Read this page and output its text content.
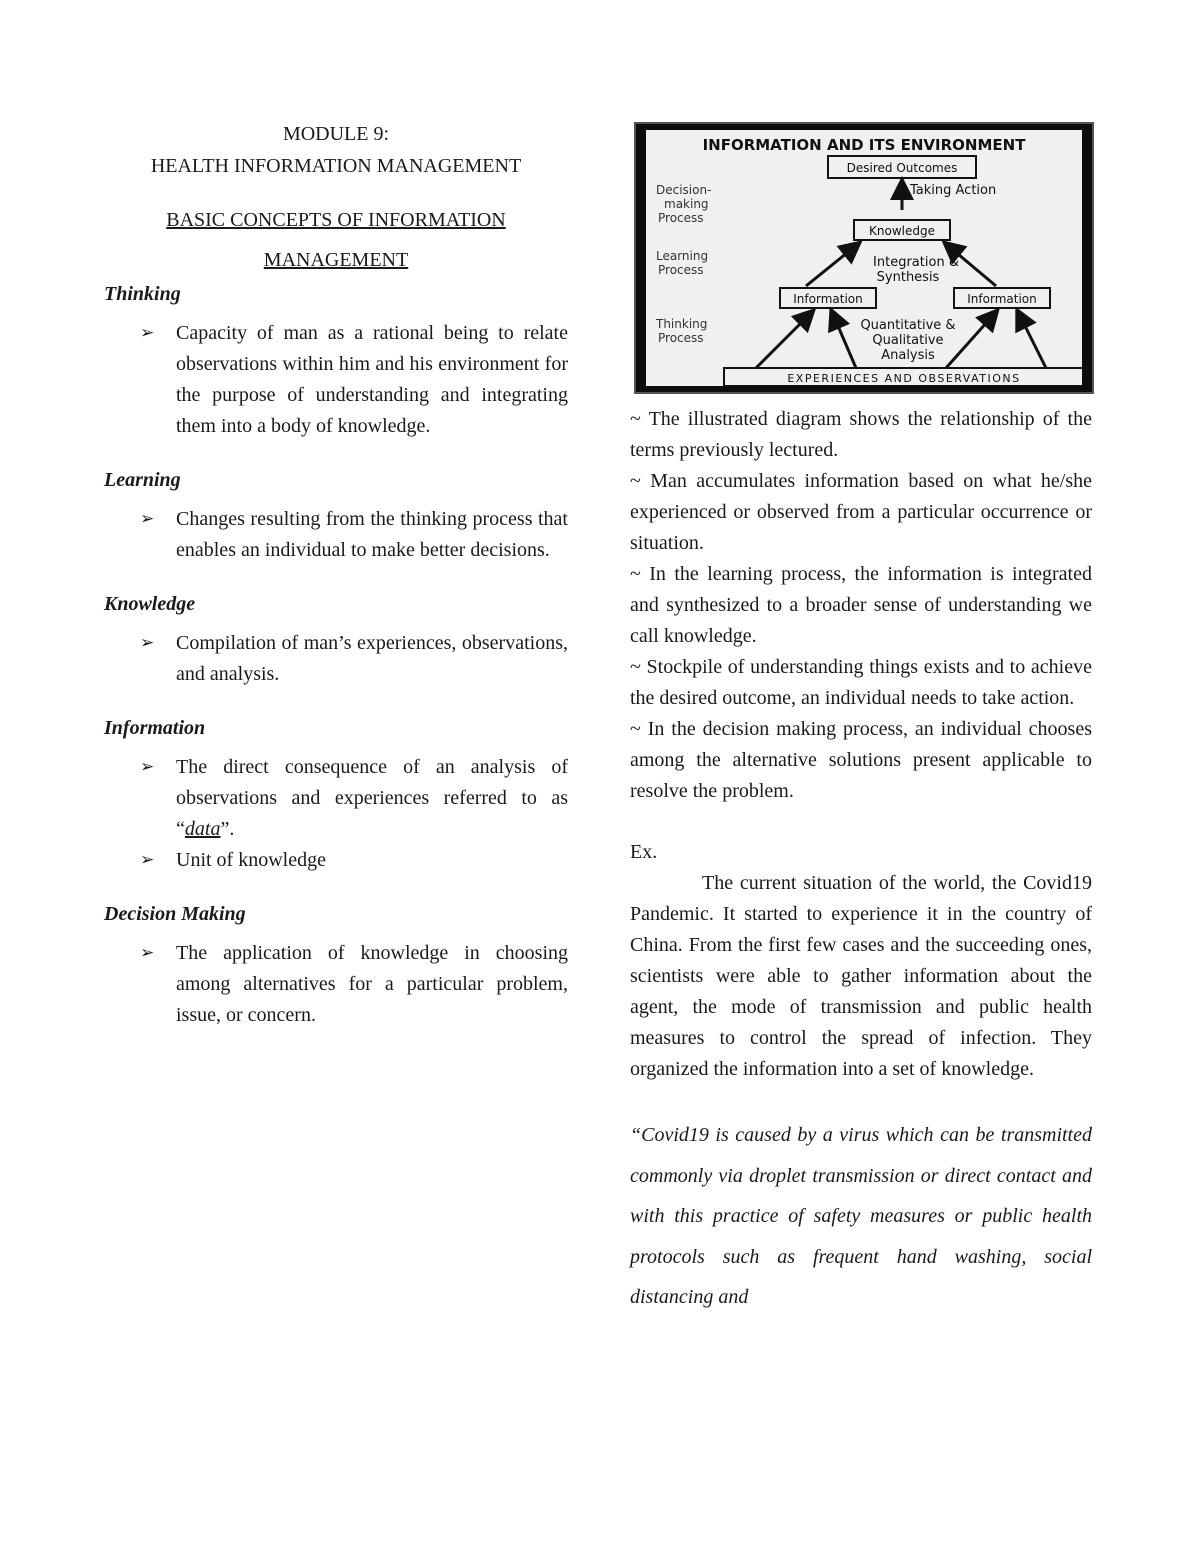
MODULE 9:
HEALTH INFORMATION MANAGEMENT
BASIC CONCEPTS OF INFORMATION
MANAGEMENT

Thinking

➢ Capacity of man as a rational being to relate observations within him and his environment for the purpose of understanding and integrating them into a body of knowledge.

Learning

➢ Changes resulting from the thinking process that enables an individual to make better decisions.

Knowledge

➢ Compilation of man’s experiences, observations, and analysis.

Information

➢ The direct consequence of an analysis of observations and experiences referred to as “data”.
➢ Unit of knowledge

Decision Making

➢ The application of knowledge in choosing among alternatives for a particular problem, issue, or concern.
INFORMATION AND ITS ENVIRONMENT
Desired Outcomes
Taking Action
Decision-
making
Process
Knowledge
Learning
Process	Integration &
Synthesis
Information	Information
Thinking
Process
Quantitative &
Qualitative
Analysis
EXPERIENCES AND OBSERVATIONS

~ The illustrated diagram shows the relationship of the terms previously lectured.

~ Man accumulates information based on what he/she experienced or observed from a particular occurrence or situation.

~ In the learning process, the information is integrated and synthesized to a broader sense of understanding we call knowledge.

~ Stockpile of understanding things exists and to achieve the desired outcome, an individual needs to take action.

~ In the decision making process, an individual chooses among the alternative solutions present applicable to resolve the problem.

Ex.

The current situation of the world, the Covid19 Pandemic. It started to experience it in the country of China. From the first few cases and the succeeding ones, scientists were able to gather information about the agent, the mode of transmission and public health measures to control the spread of infection. They organized the information into a set of knowledge.

“Covid19 is caused by a virus which can be transmitted commonly via droplet transmission or direct contact and with this practice of safety measures or public health protocols such as frequent hand washing, social distancing and
